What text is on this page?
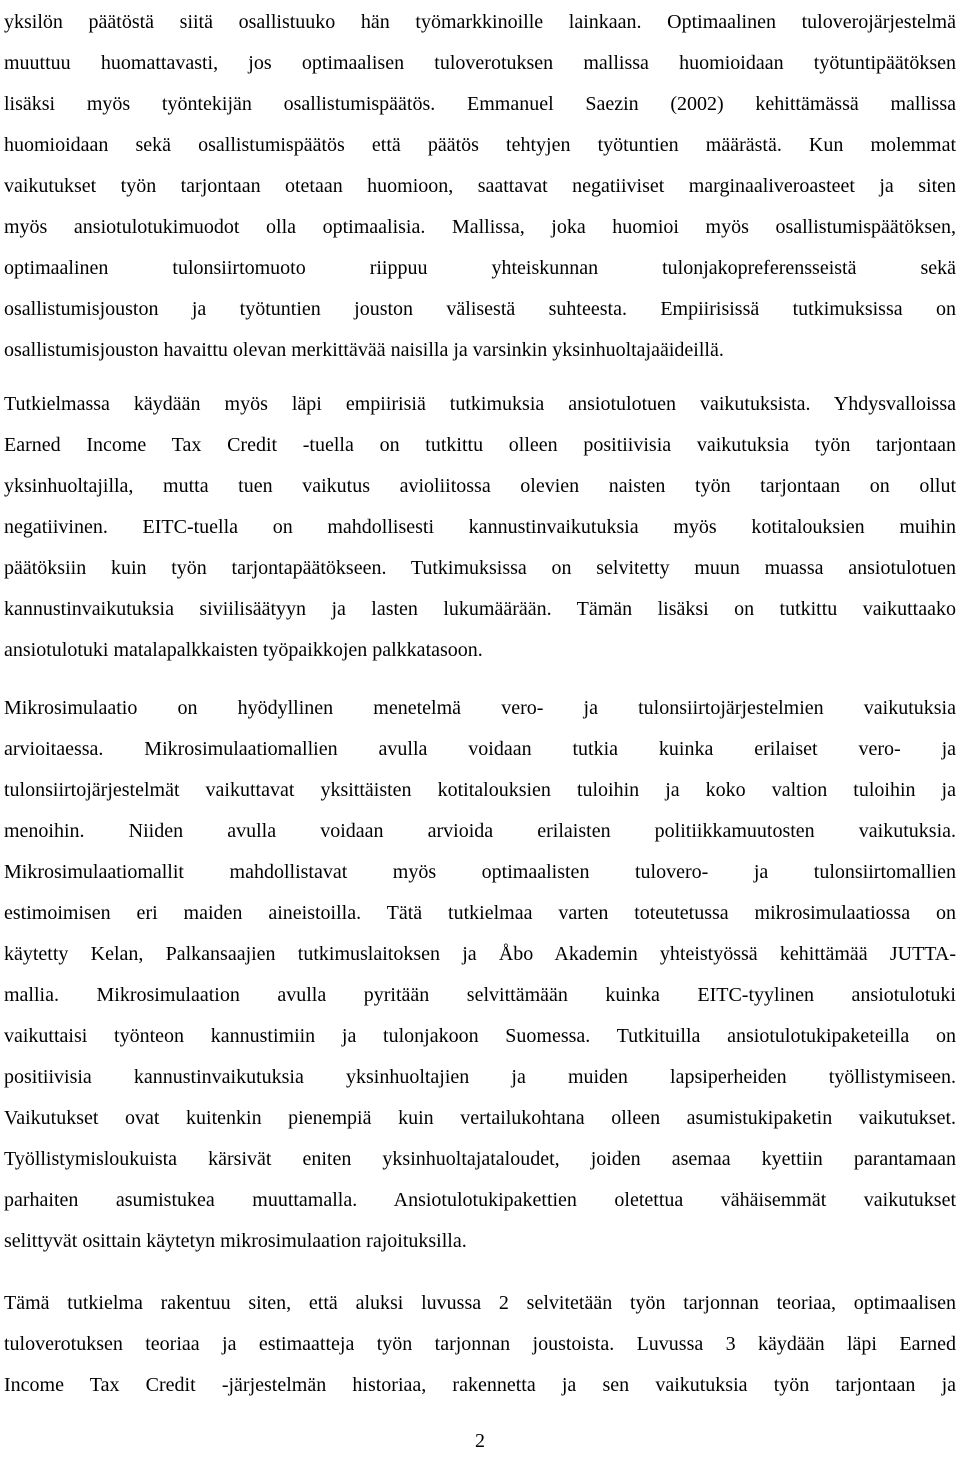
yksilön päätöstä siitä osallistuuko hän työmarkkinoille lainkaan. Optimaalinen tuloverojärjestelmä
muuttuu huomattavasti, jos optimaalisen tuloverotuksen mallissa huomioidaan työtuntipäätöksen
lisäksi myös työntekijän osallistumispäätös. Emmanuel Saezin (2002) kehittämässä mallissa
huomioidaan sekä osallistumispäätös että päätös tehtyjen työtuntien määrästä. Kun molemmat
vaikutukset työn tarjontaan otetaan huomioon, saattavat negatiiviset marginaaliveroasteet ja siten
myös ansiotulotukimuodot olla optimaalisia. Mallissa, joka huomioi myös osallistumispäätöksen,
optimaalinen tulonsiirtomuoto riippuu yhteiskunnan tulonjakopreferensseistä sekä
osallistumisjouston ja työtuntien jouston välisestä suhteesta. Empiirisissä tutkimuksissa on
osallistumisjouston havaittu olevan merkittävää naisilla ja varsinkin yksinhuoltajaäideillä.
Tutkielmassa käydään myös läpi empiirisiä tutkimuksia ansiotulotuen vaikutuksista. Yhdysvalloissa
Earned Income Tax Credit -tuella on tutkittu olleen positiivisia vaikutuksia työn tarjontaan
yksinhuoltajilla, mutta tuen vaikutus avioliitossa olevien naisten työn tarjontaan on ollut
negatiivinen. EITC-tuella on mahdollisesti kannustinvaikutuksia myös kotitalouksien muihin
päätöksiin kuin työn tarjontapäätökseen. Tutkimuksissa on selvitetty muun muassa ansiotulotuen
kannustinvaikutuksia siviilisäätyyn ja lasten lukumäärään. Tämän lisäksi on tutkittu vaikuttaako
ansiotulotuki matalapalkkaisten työpaikkojen palkkatasoon.
Mikrosimulaatio on hyödyllinen menetelmä vero- ja tulonsiirtojärjestelmien vaikutuksia
arvioitaessa. Mikrosimulaatiomallien avulla voidaan tutkia kuinka erilaiset vero- ja
tulonsiirtojärjestelmät vaikuttavat yksittäisten kotitalouksien tuloihin ja koko valtion tuloihin ja
menoihin. Niiden avulla voidaan arvioida erilaisten politiikkamuutosten vaikutuksia.
Mikrosimulaatiomallit mahdollistavat myös optimaalisten tulovero- ja tulonsiirtomallien
estimoimisen eri maiden aineistoilla. Tätä tutkielmaa varten toteutetussa mikrosimulaatiossa on
käytetty Kelan, Palkansaajien tutkimuslaitoksen ja Åbo Akademin yhteistyössä kehittämää JUTTA-
mallia. Mikrosimulaation avulla pyritään selvittämään kuinka EITC-tyylinen ansiotulotuki
vaikuttaisi työnteon kannustimiin ja tulonjakoon Suomessa. Tutkituilla ansiotulotukipaketeilla on
positiivisia kannustinvaikutuksia yksinhuoltajien ja muiden lapsiperheiden työllistymiseen.
Vaikutukset ovat kuitenkin pienempiä kuin vertailukohtana olleen asumistukipaketin vaikutukset.
Työllistymisloukuista kärsivät eniten yksinhuoltajataloudet, joiden asemaa kyettiin parantamaan
parhaiten asumistukea muuttamalla. Ansiotulotukipakettien oletettua vähäisemmät vaikutukset
selittyvät osittain käytetyn mikrosimulaation rajoituksilla.
Tämä tutkielma rakentuu siten, että aluksi luvussa 2 selvitetään työn tarjonnan teoriaa, optimaalisen
tuloverotuksen teoriaa ja estimaatteja työn tarjonnan joustoista. Luvussa 3 käydään läpi Earned
Income Tax Credit -järjestelmän historiaa, rakennetta ja sen vaikutuksia työn tarjontaan ja
2
